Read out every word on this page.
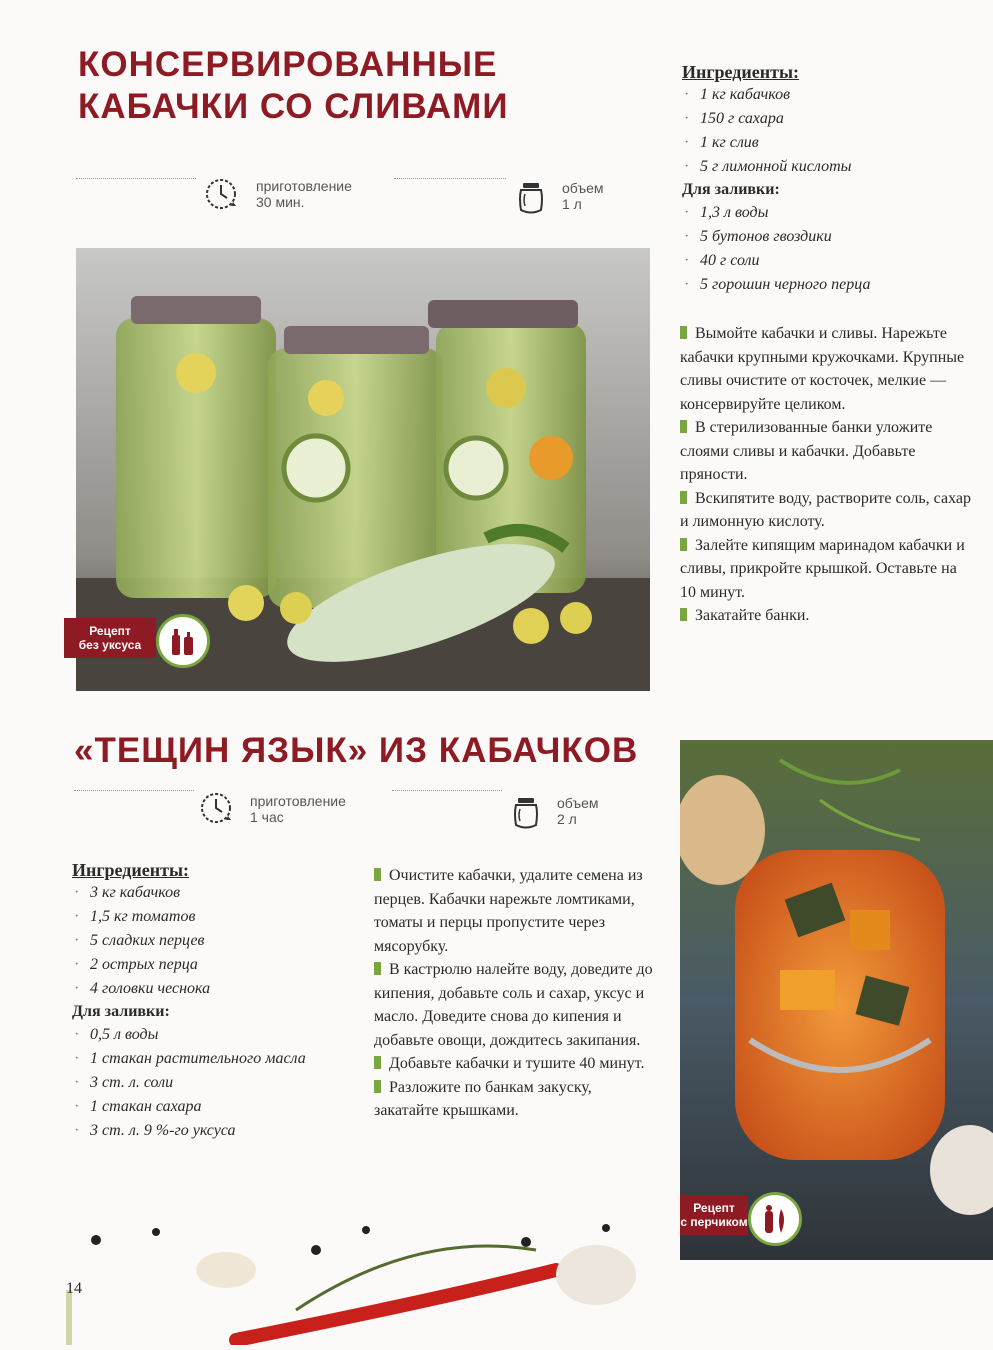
КОНСЕРВИРОВАННЫЕ
КАБАЧКИ СО СЛИВАМИ
приготовление
30 мин.
объем
1 л
Рецепт
без уксуса

Ингредиенты:

· 1 кг кабачков
· 150 г сахара
· 1 кг слив
· 5 г лимонной кислоты

Для заливки:

· 1,3 л воды
· 5 бутонов гвоздики
· 40 г соли
· 5 горошин черного перца
Вымойте кабачки и сливы. Нарежьте кабачки крупными кружочками. Крупные сливы очистите от косточек, мелкие — консервируйте целиком.
В стерилизованные банки уложите слоями сливы и кабачки. Добавьте пряности.
Вскипятите воду, растворите соль, сахар и лимонную кислоту.
Залейте кипящим маринадом кабачки и сливы, прикройте крышкой. Оставьте на 10 минут.
Закатайте банки.
«ТЕЩИН ЯЗЫК» ИЗ КАБАЧКОВ
приготовление
1 час
объем
2 л

Ингредиенты:

· 3 кг кабачков
· 1,5 кг томатов
· 5 сладких перцев
· 2 острых перца
· 4 головки чеснока

Для заливки:

· 0,5 л воды
· 1 стакан растительного масла
· 3 ст. л. соли
· 1 стакан сахара
· 3 ст. л. 9 %-го уксуса
Очистите кабачки, удалите семена из перцев. Кабачки нарежьте ломтиками, томаты и перцы пропустите через мясорубку.
В кастрюлю налейте воду, доведите до кипения, добавьте соль и сахар, уксус и масло. Доведите снова до кипения и добавьте овощи, дождитесь закипания.
Добавьте кабачки и тушите 40 минут.
Разложите по банкам закуску, закатайте крышками.
Рецепт
с перчиком
14
